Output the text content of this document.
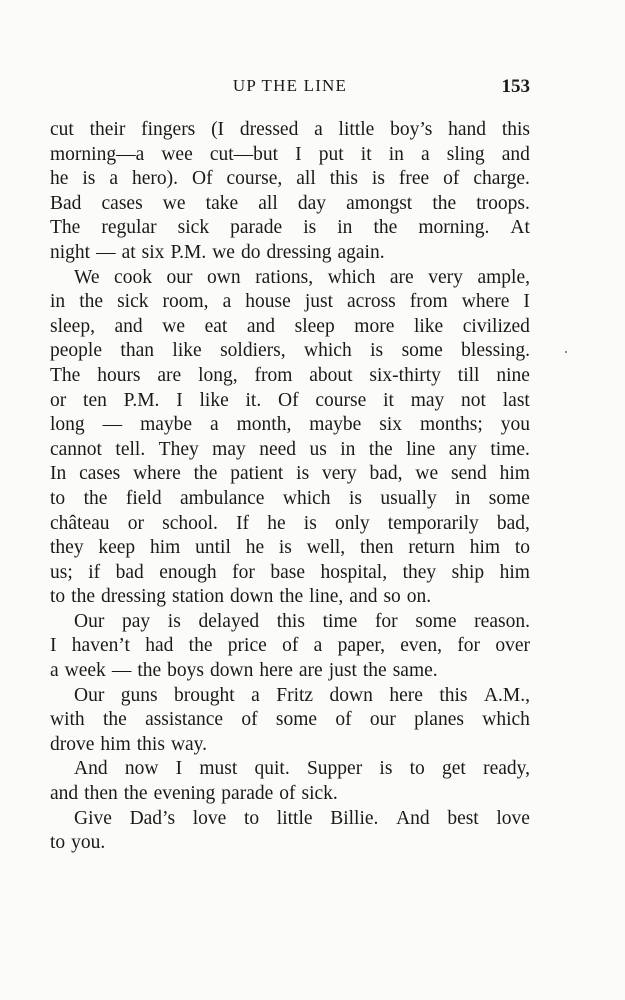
UP THE LINE	153
cut their fingers (I dressed a little boy’s hand this
morning—a wee cut—but I put it in a sling and
he is a hero). Of course, all this is free of charge.
Bad cases we take all day amongst the troops.
The regular sick parade is in the morning. At
night — at six P.M. we do dressing again.
We cook our own rations, which are very ample,
in the sick room, a house just across from where I
sleep, and we eat and sleep more like civilized
people than like soldiers, which is some blessing.
The hours are long, from about six-thirty till nine
or ten P.M. I like it. Of course it may not last
long — maybe a month, maybe six months; you
cannot tell. They may need us in the line any time.
In cases where the patient is very bad, we send him
to the field ambulance which is usually in some
château or school. If he is only temporarily bad,
they keep him until he is well, then return him to
us; if bad enough for base hospital, they ship him
to the dressing station down the line, and so on.
Our pay is delayed this time for some reason.
I haven’t had the price of a paper, even, for over
a week — the boys down here are just the same.
Our guns brought a Fritz down here this A.M.,
with the assistance of some of our planes which
drove him this way.
And now I must quit. Supper is to get ready,
and then the evening parade of sick.
Give Dad’s love to little Billie. And best love
to you.
